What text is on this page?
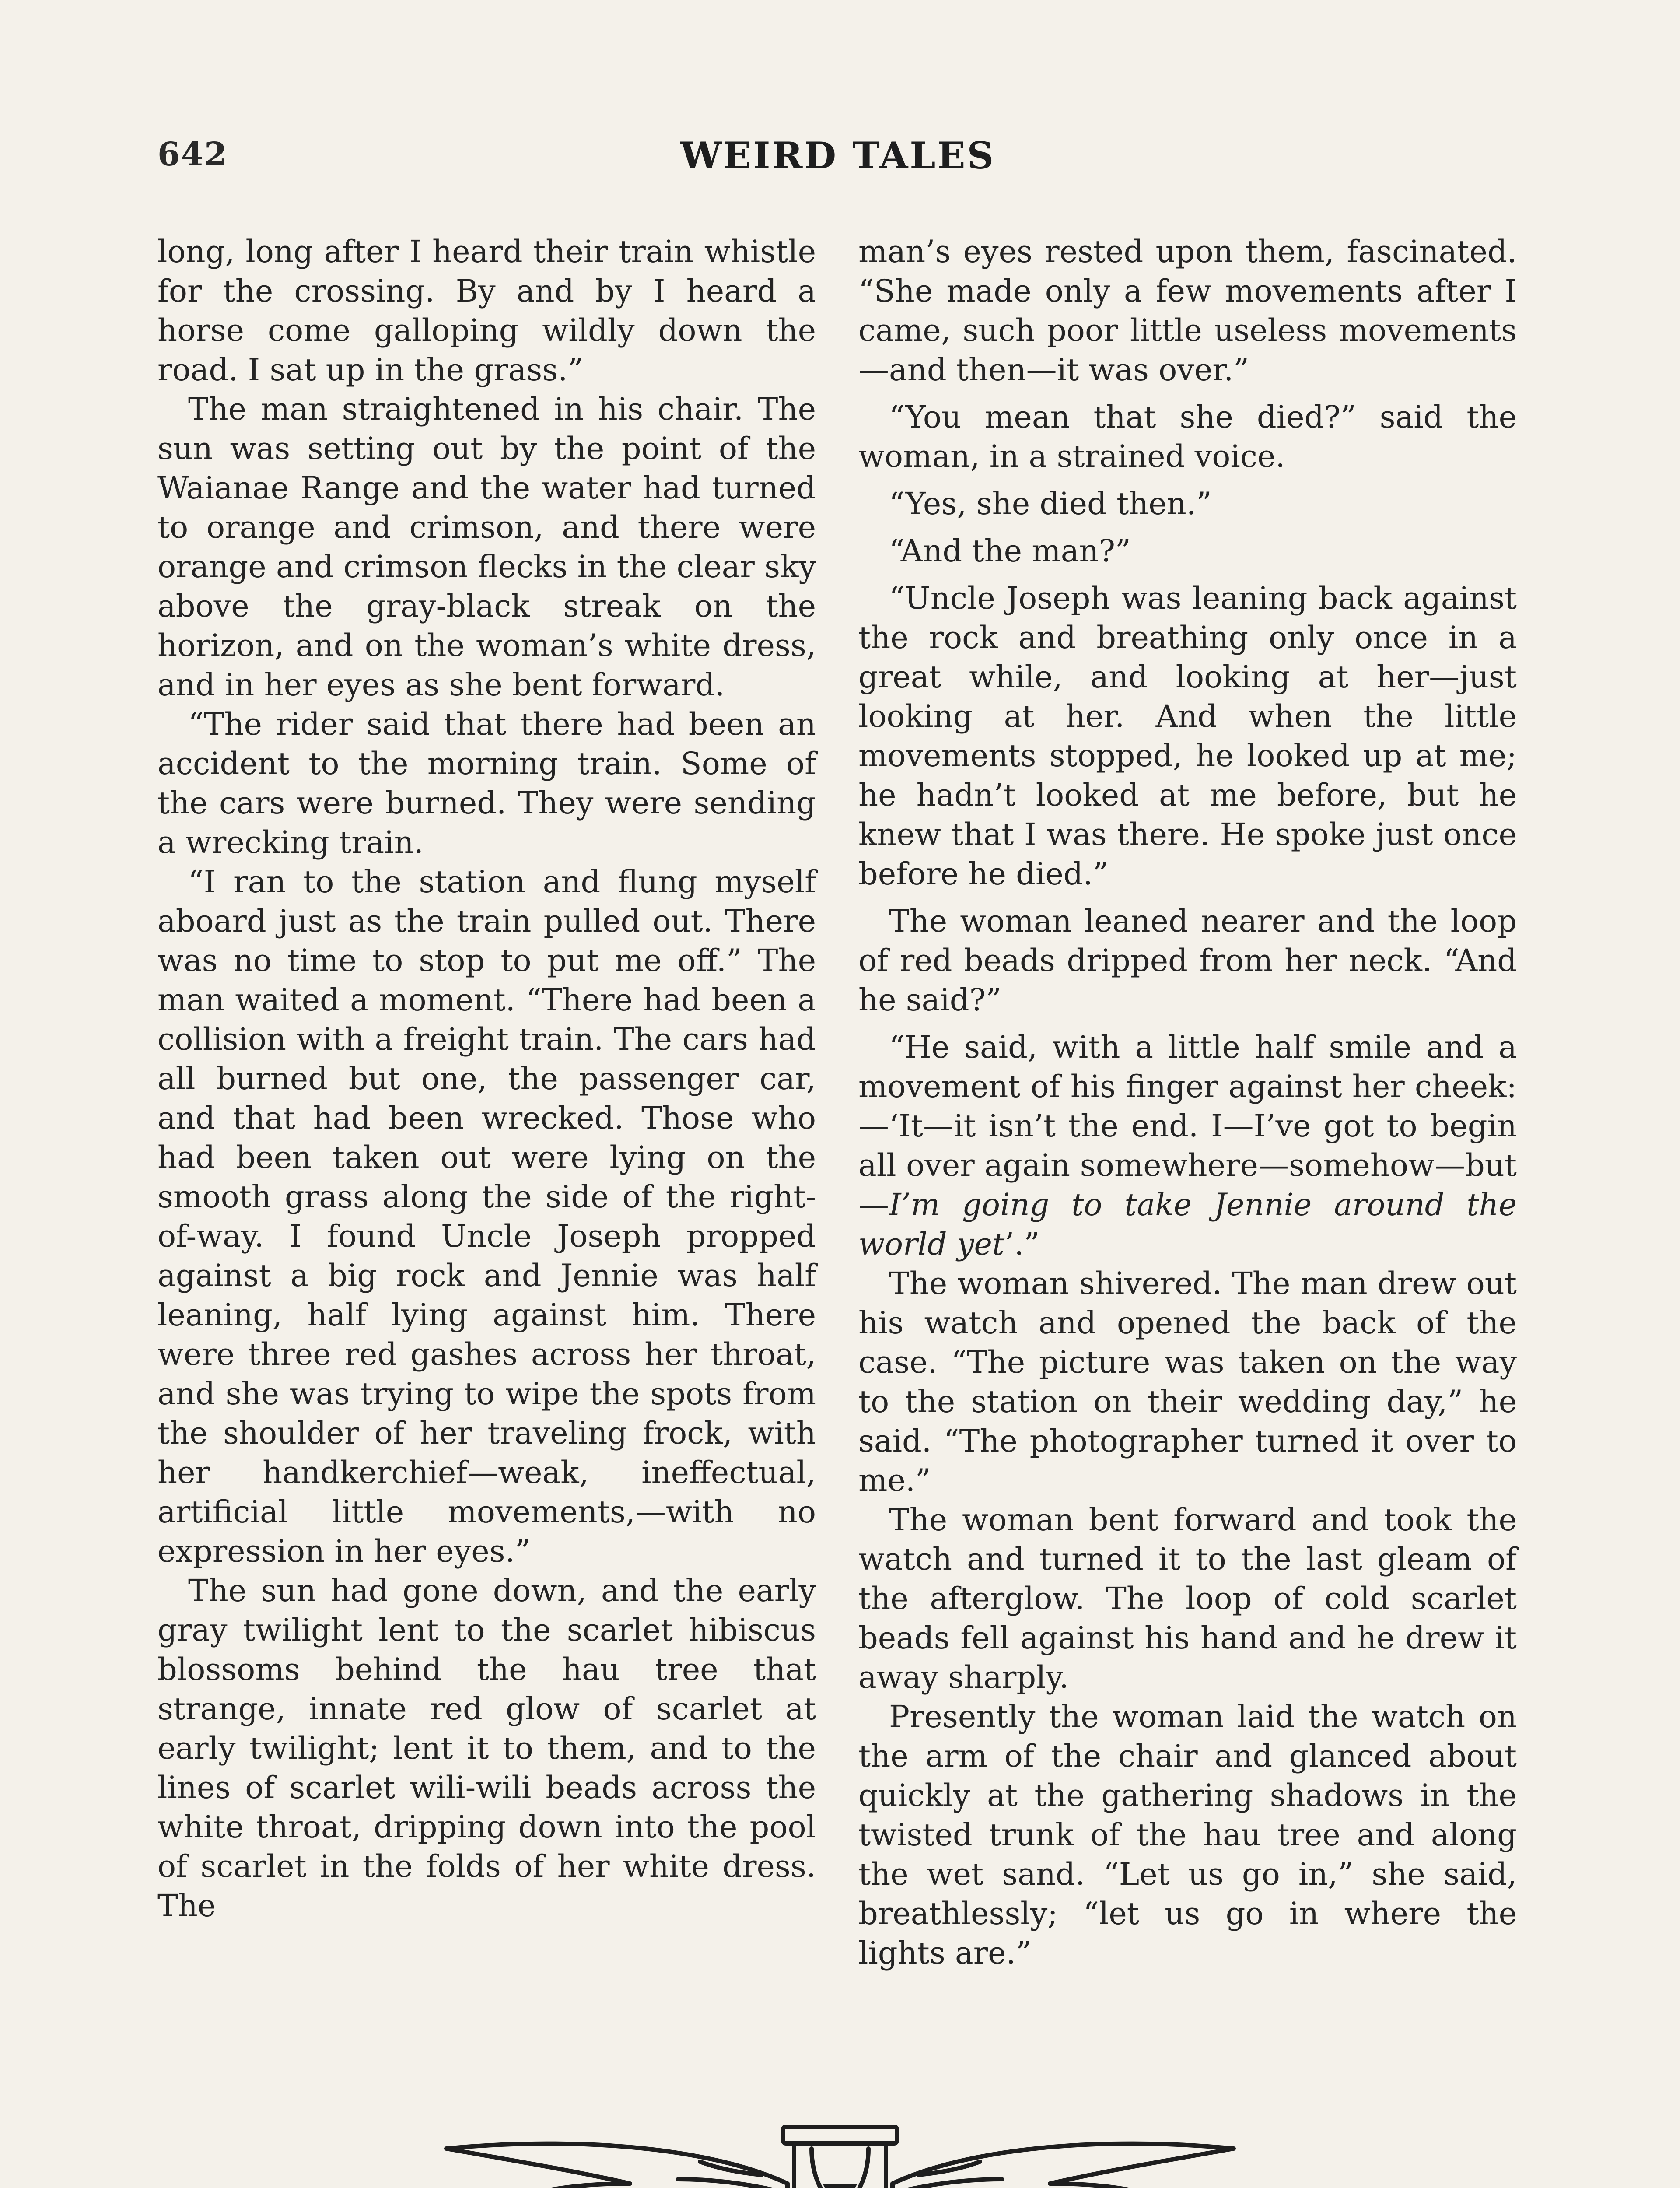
642	WEIRD TALES

long, long after I heard their train whistle for the crossing. By and by I heard a horse come galloping wildly down the road. I sat up in the grass.”

The man straightened in his chair. The sun was setting out by the point of the Waianae Range and the water had turned to orange and crimson, and there were orange and crimson flecks in the clear sky above the gray-black streak on the horizon, and on the woman’s white dress, and in her eyes as she bent forward.

“The rider said that there had been an accident to the morning train. Some of the cars were burned. They were sending a wrecking train.

“I ran to the station and flung myself aboard just as the train pulled out. There was no time to stop to put me off.” The man waited a moment. “There had been a collision with a freight train. The cars had all burned but one, the passenger car, and that had been wrecked. Those who had been taken out were lying on the smooth grass along the side of the right-of-way. I found Uncle Joseph propped against a big rock and Jennie was half leaning, half lying against him. There were three red gashes across her throat, and she was trying to wipe the spots from the shoulder of her traveling frock, with her handkerchief—weak, ineffectual, artificial little movements,—with no expression in her eyes.”

The sun had gone down, and the early gray twilight lent to the scarlet hibiscus blossoms behind the hau tree that strange, innate red glow of scarlet at early twilight; lent it to them, and to the lines of scarlet wili-wili beads across the white throat, dripping down into the pool of scarlet in the folds of her white dress. The

man’s eyes rested upon them, fascinated. “She made only a few movements after I came, such poor little useless movements—and then—it was over.”

“You mean that she died?” said the woman, in a strained voice.

“Yes, she died then.”

“And the man?”

“Uncle Joseph was leaning back against the rock and breathing only once in a great while, and looking at her—just looking at her. And when the little movements stopped, he looked up at me; he hadn’t looked at me before, but he knew that I was there. He spoke just once before he died.”

The woman leaned nearer and the loop of red beads dripped from her neck. “And he said?”

“He said, with a little half smile and a movement of his finger against her cheek:—‘It—it isn’t the end. I—I’ve got to begin all over again somewhere—somehow—but—I’m going to take Jennie around the world yet’.”

The woman shivered. The man drew out his watch and opened the back of the case. “The picture was taken on the way to the station on their wedding day,” he said. “The photographer turned it over to me.”

The woman bent forward and took the watch and turned it to the last gleam of the afterglow. The loop of cold scarlet beads fell against his hand and he drew it away sharply.

Presently the woman laid the watch on the arm of the chair and glanced about quickly at the gathering shadows in the twisted trunk of the hau tree and along the wet sand. “Let us go in,” she said, breathlessly; “let us go in where the lights are.”
